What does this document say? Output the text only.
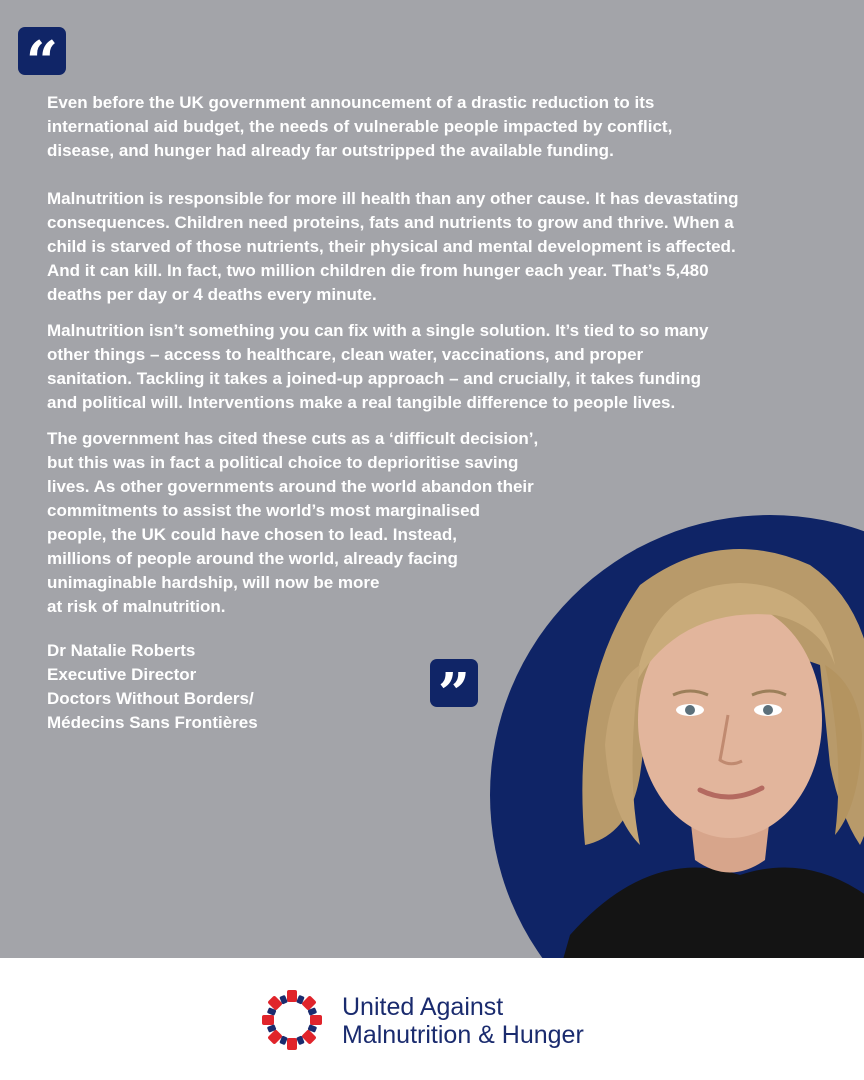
“

Even before the UK government announcement of a drastic reduction to its
international aid budget, the needs of vulnerable people impacted by conflict,
disease, and hunger had already far outstripped the available funding.

Malnutrition is responsible for more ill health than any other cause. It has devastating
consequences. Children need proteins, fats and nutrients to grow and thrive. When a
child is starved of those nutrients, their physical and mental development is affected.
And it can kill. In fact, two million children die from hunger each year. That’s 5,480
deaths per day or 4 deaths every minute.

Malnutrition isn’t something you can fix with a single solution. It’s tied to so many
other things – access to healthcare, clean water, vaccinations, and proper
sanitation. Tackling it takes a joined-up approach – and crucially, it takes funding
and political will. Interventions make a real tangible difference to people lives.

The government has cited these cuts as a ‘difficult decision’,
but this was in fact a political choice to deprioritise saving
lives. As other governments around the world abandon their
commitments to assist the world’s most marginalised
people, the UK could have chosen to lead. Instead,
millions of people around the world, already facing
unimaginable hardship, will now be more
at risk of malnutrition.

Dr Natalie Roberts
Executive Director
Doctors Without Borders/
Médecins Sans Frontières	”
United Against
Malnutrition & Hunger
